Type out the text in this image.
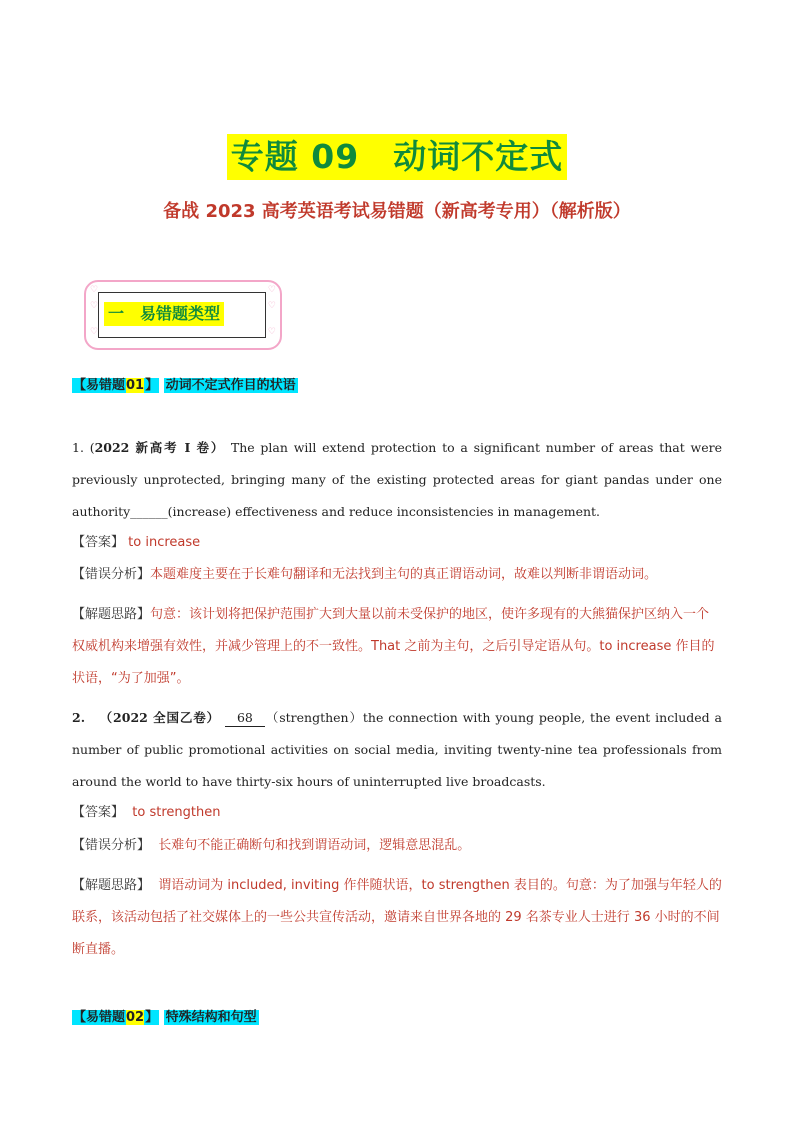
专题 09　动词不定式
备战 2023 高考英语考试易错题（新高考专用）（解析版）
♡
♡
♡
♡
♡
♡
一　易错题类型
【易错题01】 动词不定式作目的状语
1. (2022 新高考 I 卷） The plan will extend protection to a significant number of areas that were previously unprotected, bringing many of the existing protected areas for giant pandas under one authority______(increase) effectiveness and reduce inconsistencies in management.
【答案】 to increase
【错误分析】本题难度主要在于长难句翻译和无法找到主句的真正谓语动词，故难以判断非谓语动词。
【解题思路】句意：该计划将把保护范围扩大到大量以前未受保护的地区，使许多现有的大熊猫保护区纳入一个权威机构来增强有效性，并减少管理上的不一致性。That 之前为主句，之后引导定语从句。to increase 作目的状语，“为了加强”。
2. （2022 全国乙卷） 68 （strengthen）the connection with young people, the event included a number of public promotional activities on social media, inviting twenty-nine tea professionals from around the world to have thirty-six hours of uninterrupted live broadcasts.
【答案】 to strengthen
【错误分析】 长难句不能正确断句和找到谓语动词，逻辑意思混乱。
【解题思路】 谓语动词为 included, inviting 作伴随状语，to strengthen 表目的。句意：为了加强与年轻人的联系，该活动包括了社交媒体上的一些公共宣传活动，邀请来自世界各地的 29 名茶专业人士进行 36 小时的不间断直播。
【易错题02】 特殊结构和句型
